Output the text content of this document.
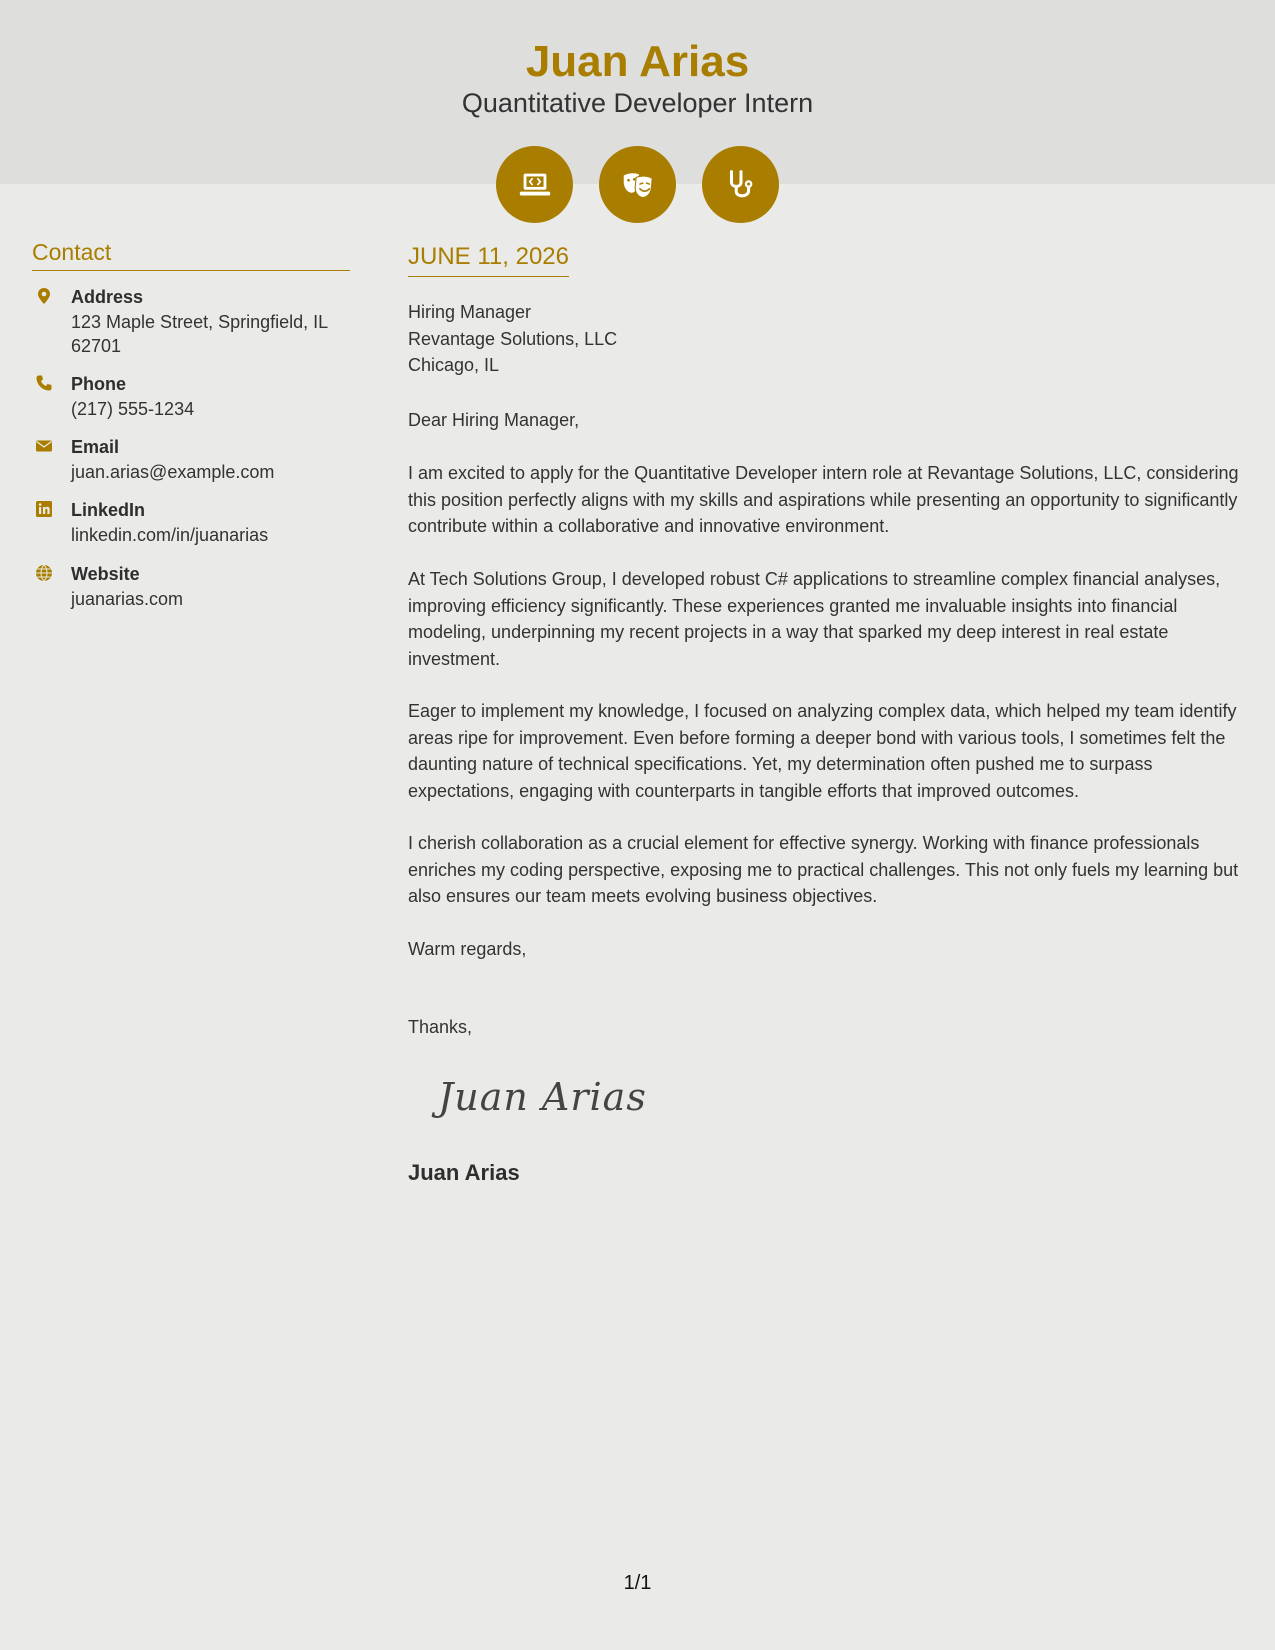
Juan Arias
Quantitative Developer Intern
Contact
Address
123 Maple Street, Springfield, IL 62701
Phone
(217) 555-1234
Email
juan.arias@example.com
LinkedIn
linkedin.com/in/juanarias
Website
juanarias.com
JUNE 11, 2026
Hiring Manager
Revantage Solutions, LLC
Chicago, IL

Dear Hiring Manager,

I am excited to apply for the Quantitative Developer intern role at Revantage Solutions, LLC, considering this position perfectly aligns with my skills and aspirations while presenting an opportunity to significantly contribute within a collaborative and innovative environment.

At Tech Solutions Group, I developed robust C# applications to streamline complex financial analyses, improving efficiency significantly. These experiences granted me invaluable insights into financial modeling, underpinning my recent projects in a way that sparked my deep interest in real estate investment.

Eager to implement my knowledge, I focused on analyzing complex data, which helped my team identify areas ripe for improvement. Even before forming a deeper bond with various tools, I sometimes felt the daunting nature of technical specifications. Yet, my determination often pushed me to surpass expectations, engaging with counterparts in tangible efforts that improved outcomes.

I cherish collaboration as a crucial element for effective synergy. Working with finance professionals enriches my coding perspective, exposing me to practical challenges. This not only fuels my learning but also ensures our team meets evolving business objectives.

Warm regards,

Thanks,

Juan Arias
Juan Arias
1/1
